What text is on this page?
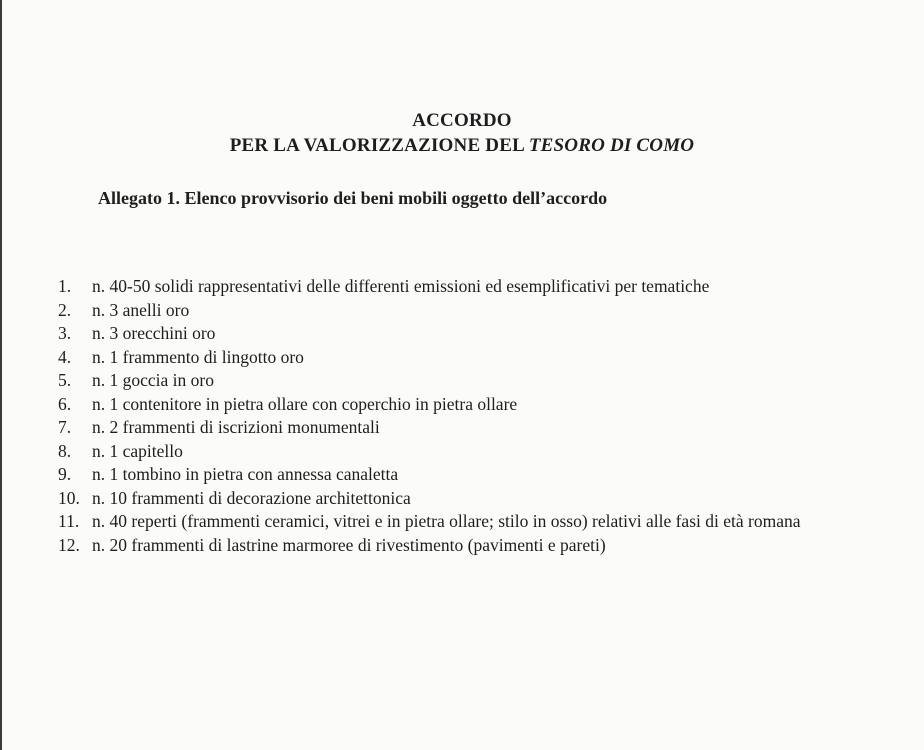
ACCORDO
PER LA VALORIZZAZIONE DEL TESORO DI COMO
Allegato 1. Elenco provvisorio dei beni mobili oggetto dell’accordo
1. n. 40-50 solidi rappresentativi delle differenti emissioni ed esemplificativi per tematiche
2. n. 3 anelli oro
3. n. 3 orecchini oro
4. n. 1 frammento di lingotto oro
5. n. 1 goccia in oro
6. n. 1 contenitore in pietra ollare con coperchio in pietra ollare
7. n. 2 frammenti di iscrizioni monumentali
8. n. 1 capitello
9. n. 1 tombino in pietra con annessa canaletta
10. n. 10 frammenti di decorazione architettonica
11. n. 40 reperti (frammenti ceramici, vitrei e in pietra ollare; stilo in osso) relativi alle fasi di età romana
12. n. 20 frammenti di lastrine marmoree di rivestimento (pavimenti e pareti)
